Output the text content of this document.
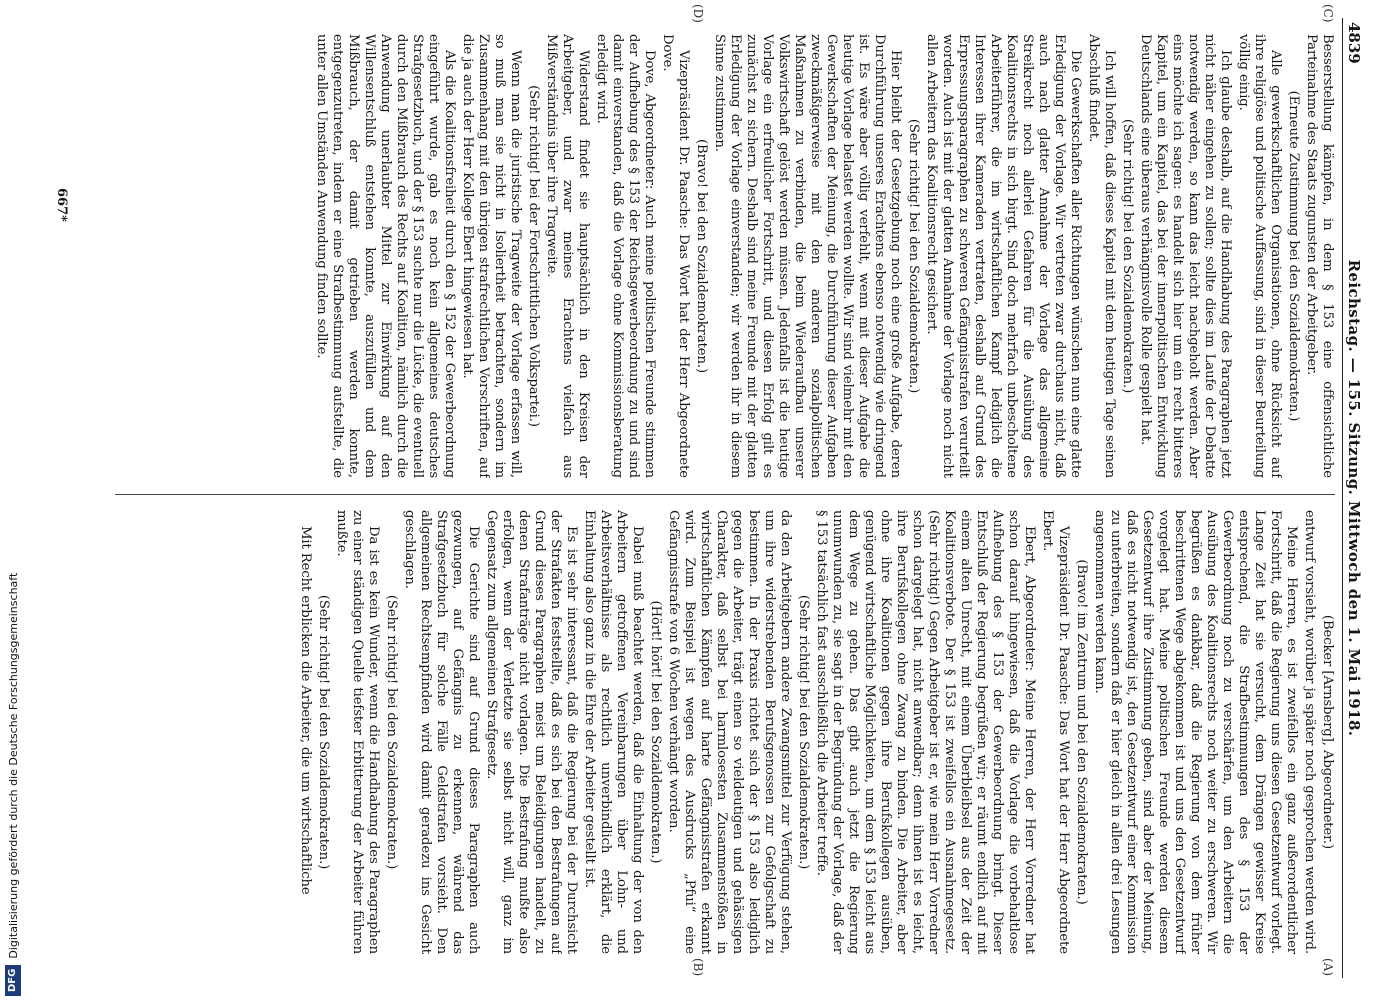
DFG
Digitalisierung gefördert durch die Deutsche Forschungsgemeinschaft
4839
Reichstag. — 155. Sitzung. Mittwoch den 1. Mai 1918.
(C)
(D)
(A)
(B)

Besserstellung kämpfen, in dem § 153 eine offensichtliche Parteinahme des Staats zugunsten der Arbeitgeber.

(Erneute Zustimmung bei den Sozialdemokraten.)

Alle gewerkschaftlichen Organisationen, ohne Rücksicht auf ihre religiöse und politische Auffassung, sind in dieser Beurteilung völlig einig.

Ich glaube deshalb, auf die Handhabung des Paragraphen jetzt nicht näher eingehen zu sollen; sollte dies im Laufe der Debatte notwendig werden, so kann das leicht nachgeholt werden. Aber eins möchte ich sagen: es handelt sich hier um ein recht bitteres Kapitel, um ein Kapitel, das bei der innerpolitischen Entwicklung Deutschlands eine überaus verhängnisvolle Rolle gespielt hat.

(Sehr richtig! bei den Sozialdemokraten.)

Ich will hoffen, daß dieses Kapitel mit dem heutigen Tage seinen Abschluß findet.

Die Gewerkschaften aller Richtungen wünschen nun eine glatte Erledigung der Vorlage. Wir vertreten zwar durchaus nicht, daß auch nach glatter Annahme der Vorlage das allgemeine Streikrecht noch allerlei Gefahren für die Ausübung des Koalitionsrechts in sich birgt. Sind doch mehrfach unbescholtene Arbeiterführer, die im wirtschaftlichen Kampf lediglich die Interessen ihrer Kameraden vertraten, deshalb auf Grund des Erpressungsparagraphen zu schweren Gefängnisstrafen verurteilt worden. Auch ist mit der glatten Annahme der Vorlage noch nicht allen Arbeitern das Koalitionsrecht gesichert.

(Sehr richtig! bei den Sozialdemokraten.)

Hier bleibt der Gesetzgebung noch eine große Aufgabe, deren Durchführung unseres Erachtens ebenso notwendig wie dringend ist. Es wäre aber völlig verfehlt, wenn mit dieser Aufgabe die heutige Vorlage belastet werden wollte. Wir sind vielmehr mit den Gewerkschaften der Meinung, die Durchführung dieser Aufgaben zweckmäßigerweise mit den anderen sozialpolitischen Maßnahmen zu verbinden, die beim Wiederaufbau unserer Volkswirtschaft gelöst werden müssen. Jedenfalls ist die heutige Vorlage ein erfreulicher Fortschritt, und diesen Erfolg gilt es zunächst zu sichern. Deshalb sind meine Freunde mit der glatten Erledigung der Vorlage einverstanden; wir werden ihr in diesem Sinne zustimmen.

(Bravo! bei den Sozialdemokraten.)

Vizepräsident Dr. Paasche: Das Wort hat der Herr Abgeordnete Dove.

Dove, Abgeordneter: Auch meine politischen Freunde stimmen der Aufhebung des § 153 der Reichsgewerbeordnung zu und sind damit einverstanden, daß die Vorlage ohne Kommissionsberatung erledigt wird.

Widerstand findet sie hauptsächlich in den Kreisen der Arbeitgeber, und zwar meines Erachtens vielfach aus Mißverständnis über ihre Tragweite.

(Sehr richtig! bei der Fortschrittlichen Volkspartei.)

Wenn man die juristische Tragweite der Vorlage erfassen will, so muß man sie nicht in Isoliertheit betrachten, sondern im Zusammenhang mit den übrigen strafrechtlichen Vorschriften, auf die ja auch der Herr Kollege Ebert hingewiesen hat.

Als die Koalitionsfreiheit durch den § 152 der Gewerbeordnung eingeführt wurde, gab es noch kein allgemeines deutsches Strafgesetzbuch, und der § 153 suchte nur die Lücke, die eventuell durch den Mißbrauch des Rechts auf Koalition, nämlich durch die Anwendung unerlaubter Mittel zur Einwirkung auf den Willensentschluß entstehen konnte, auszufüllen und dem Mißbrauch, der damit getrieben werden konnte, entgegenzutreten, indem er eine Strafbestimmung aufstellte, die unter allen Umständen Anwendung finden sollte.

(Becker [Arnsberg], Abgeordneter.)

entwurf vorsieht, worüber ja später noch gesprochen werden wird.

Meine Herren, es ist zweifellos ein ganz außerordentlicher Fortschritt, daß die Regierung uns diesen Gesetzentwurf vorlegt. Lange Zeit hat sie versucht, dem Drängen gewisser Kreise entsprechend, die Strafbestimmungen des § 153 der Gewerbeordnung noch zu verschärfen, um den Arbeitern die Ausübung des Koalitionsrechts noch weiter zu erschweren. Wir begrüßen es dankbar, daß die Regierung von dem früher beschrittenen Wege abgekommen ist und uns den Gesetzentwurf vorgelegt hat. Meine politischen Freunde werden diesem Gesetzentwurf ihre Zustimmung geben, sind aber der Meinung, daß es nicht notwendig ist, den Gesetzentwurf einer Kommission zu unterbreiten, sondern daß er hier gleich in allen drei Lesungen angenommen werden kann.

(Bravo! im Zentrum und bei den Sozialdemokraten.)

Vizepräsident Dr. Paasche: Das Wort hat der Herr Abgeordnete Ebert.

Ebert, Abgeordneter: Meine Herren, der Herr Vorredner hat schon darauf hingewiesen, daß die Vorlage die vorbehaltlose Aufhebung des § 153 der Gewerbeordnung bringt. Dieser Entschluß der Regierung begrüßen wir; er räumt endlich auf mit einem alten Unrecht, mit einem Überbleibsel aus der Zeit der Koalitionsverbote. Der § 153 ist zweifellos ein Ausnahmegesetz. (Sehr richtig!) Gegen Arbeitgeber ist er, wie mein Herr Vorredner schon dargelegt hat, nicht anwendbar; denn ihnen ist es leicht, ihre Berufskollegen ohne Zwang zu binden. Die Arbeiter, aber ohne ihre Koalitionen gegen ihre Berufskollegen ausüben, genügend wirtschaftliche Möglichkeiten, um dem § 153 leicht aus dem Wege zu gehen. Das gibt auch jetzt die Regierung unumwunden zu, sie sagt in der Begründung der Vorlage, daß der § 153 tatsächlich fast ausschließlich die Arbeiter treffe.

(Sehr richtig! bei den Sozialdemokraten.)

da den Arbeitgebern andere Zwangsmittel zur Verfügung stehen, um ihre widerstrebenden Berufsgenossen zur Gefolgschaft zu bestimmen. In der Praxis richtet sich der § 153 also lediglich gegen die Arbeiter, trägt einen so vieldeutigen und gehässigen Charakter, daß selbst bei harmlosesten Zusammenstößen in wirtschaftlichen Kämpfen auf harte Gefängnisstrafen erkannt wird. Zum Beispiel ist wegen des Ausdrucks „Pfui“ eine Gefängnisstrafe von 6 Wochen verhängt worden.

(Hört! hört! bei den Sozialdemokraten.)

Dabei muß beachtet werden, daß die Einhaltung der von den Arbeitern getroffenen Vereinbarungen über Lohn- und Arbeitsverhältnisse als rechtlich unverbindlich erklärt, die Einhaltung also ganz in die Ehre der Arbeiter gestellt ist.

Es ist sehr interessant, daß die Regierung bei der Durchsicht der Strafakten feststellte, daß es sich bei den Bestrafungen auf Grund dieses Paragraphen meist um Beleidigungen handelt, zu denen Strafanträge nicht vorlagen. Die Bestrafung mußte also erfolgen, wenn der Verletzte sie selbst nicht will, ganz im Gegensatz zum allgemeinen Strafgesetz.

Die Gerichte sind auf Grund dieses Paragraphen auch gezwungen, auf Gefängnis zu erkennen, während das Strafgesetzbuch für solche Fälle Geldstrafen vorsieht. Den allgemeinen Rechtsempfinden wird damit geradezu ins Gesicht geschlagen.

(Sehr richtig! bei den Sozialdemokraten.)

Da ist es kein Wunder, wenn die Handhabung des Paragraphen zu einer ständigen Quelle tiefster Erbitterung der Arbeiter führen mußte.

(Sehr richtig! bei den Sozialdemokraten.)

Mit Recht erblicken die Arbeiter, die um wirtschaftliche

667*
